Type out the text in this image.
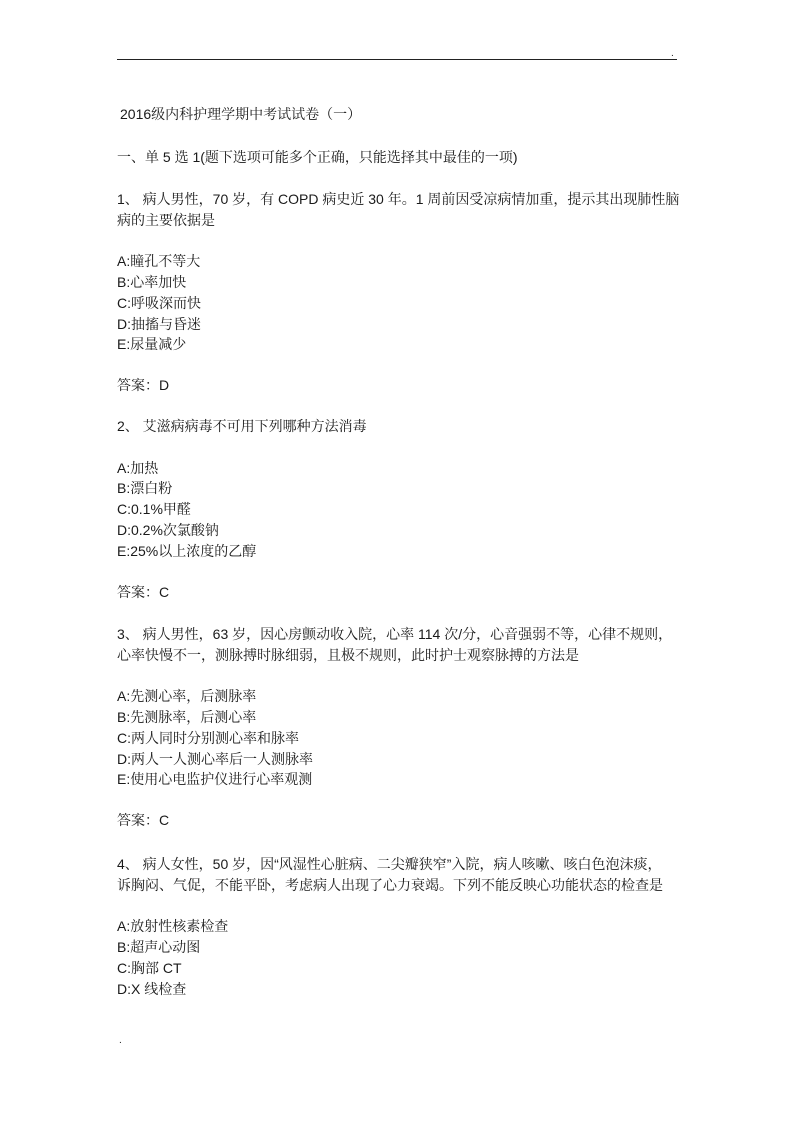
.
2016级内科护理学期中考试试卷（一）
一、单 5 选 1(题下选项可能多个正确，只能选择其中最佳的一项)
1、 病人男性，70 岁，有 COPD 病史近 30 年。1 周前因受凉病情加重，提示其出现肺性脑
病的主要依据是
A:瞳孔不等大
B:心率加快
C:呼吸深而快
D:抽搐与昏迷
E:尿量减少
答案：D
2、 艾滋病病毒不可用下列哪种方法消毒
A:加热
B:漂白粉
C:0.1%甲醛
D:0.2%次氯酸钠
E:25%以上浓度的乙醇
答案：C
3、 病人男性，63 岁，因心房颤动收入院，心率 114 次/分，心音强弱不等，心律不规则，
心率快慢不一，测脉搏时脉细弱，且极不规则，此时护士观察脉搏的方法是
A:先测心率，后测脉率
B:先测脉率，后测心率
C:两人同时分别测心率和脉率
D:两人一人测心率后一人测脉率
E:使用心电监护仪进行心率观测
答案：C
4、 病人女性，50 岁，因“风湿性心脏病、二尖瓣狭窄”入院，病人咳嗽、咳白色泡沫痰，
诉胸闷、气促，不能平卧，考虑病人出现了心力衰竭。下列不能反映心功能状态的检查是
A:放射性核素检查
B:超声心动图
C:胸部 CT
D:X 线检查
.
